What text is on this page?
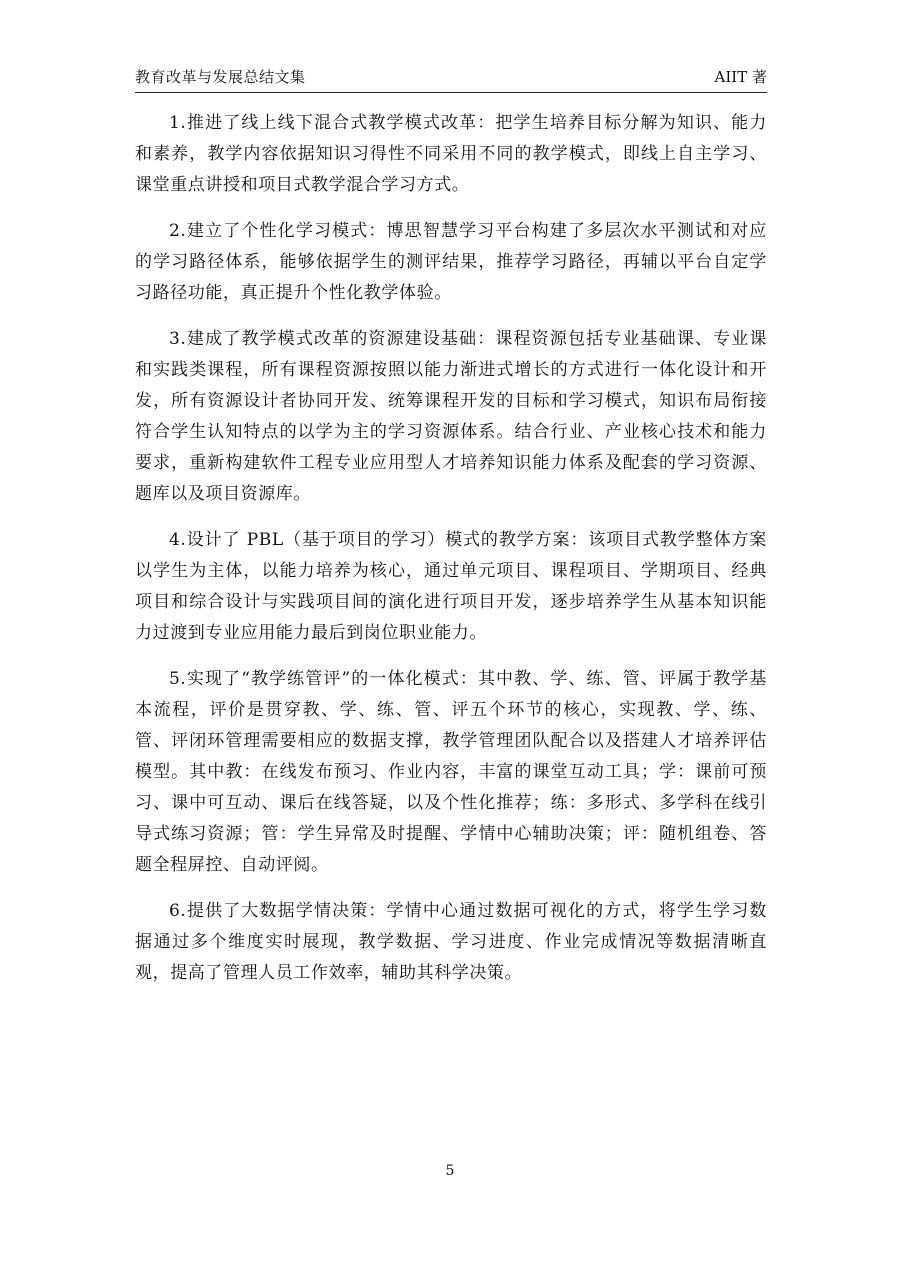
教育改革与发展总结文集	AIIT 著

1.推进了线上线下混合式教学模式改革：把学生培养目标分解为知识、能力和素养，教学内容依据知识习得性不同采用不同的教学模式，即线上自主学习、课堂重点讲授和项目式教学混合学习方式。

2.建立了个性化学习模式：博思智慧学习平台构建了多层次水平测试和对应的学习路径体系，能够依据学生的测评结果，推荐学习路径，再辅以平台自定学习路径功能，真正提升个性化教学体验。

3.建成了教学模式改革的资源建设基础：课程资源包括专业基础课、专业课和实践类课程，所有课程资源按照以能力渐进式增长的方式进行一体化设计和开发，所有资源设计者协同开发、统筹课程开发的目标和学习模式，知识布局衔接符合学生认知特点的以学为主的学习资源体系。结合行业、产业核心技术和能力要求，重新构建软件工程专业应用型人才培养知识能力体系及配套的学习资源、题库以及项目资源库。

4.设计了 PBL（基于项目的学习）模式的教学方案：该项目式教学整体方案以学生为主体，以能力培养为核心，通过单元项目、课程项目、学期项目、经典项目和综合设计与实践项目间的演化进行项目开发，逐步培养学生从基本知识能力过渡到专业应用能力最后到岗位职业能力。

5.实现了“教学练管评”的一体化模式：其中教、学、练、管、评属于教学基本流程，评价是贯穿教、学、练、管、评五个环节的核心，实现教、学、练、管、评闭环管理需要相应的数据支撑，教学管理团队配合以及搭建人才培养评估模型。其中教：在线发布预习、作业内容，丰富的课堂互动工具；学：课前可预习、课中可互动、课后在线答疑，以及个性化推荐；练：多形式、多学科在线引导式练习资源；管：学生异常及时提醒、学情中心辅助决策；评：随机组卷、答题全程屏控、自动评阅。

6.提供了大数据学情决策：学情中心通过数据可视化的方式，将学生学习数据通过多个维度实时展现，教学数据、学习进度、作业完成情况等数据清晰直观，提高了管理人员工作效率，辅助其科学决策。

5
